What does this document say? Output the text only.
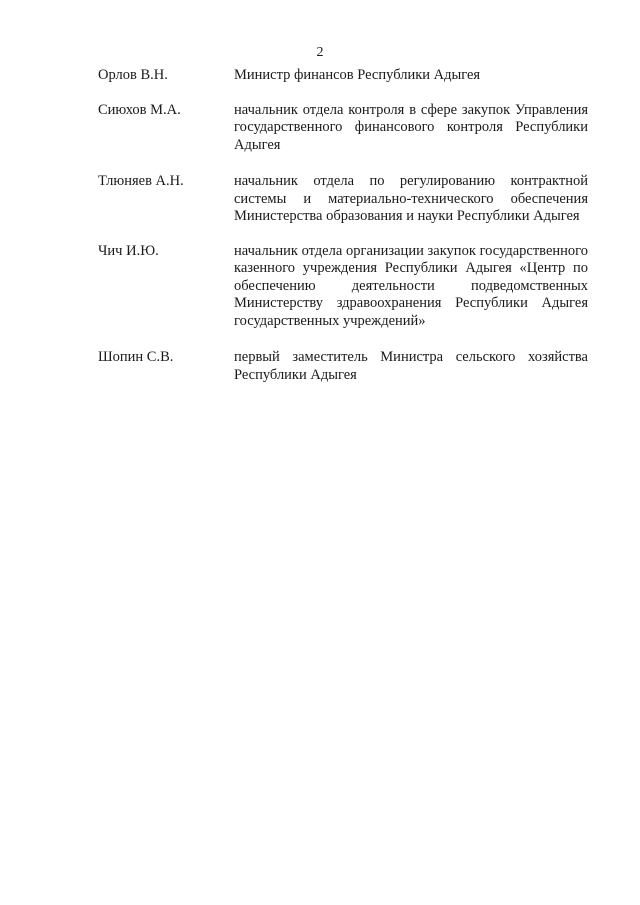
2
Орлов В.Н.	Министр финансов Республики Адыгея
Сиюхов М.А.	начальник отдела контроля в сфере закупок Управления государственного финансового контроля Республики Адыгея
Тлюняев А.Н.	начальник отдела по регулированию контрактной системы и материально-технического обеспечения Министерства образования и науки Республики Адыгея
Чич И.Ю.	начальник отдела организации закупок государственного казенного учреждения Республики Адыгея «Центр по обеспечению деятельности подведомственных Министерству здравоохранения Республики Адыгея государственных учреждений»
Шопин С.В.	первый заместитель Министра сельского хозяйства Республики Адыгея
